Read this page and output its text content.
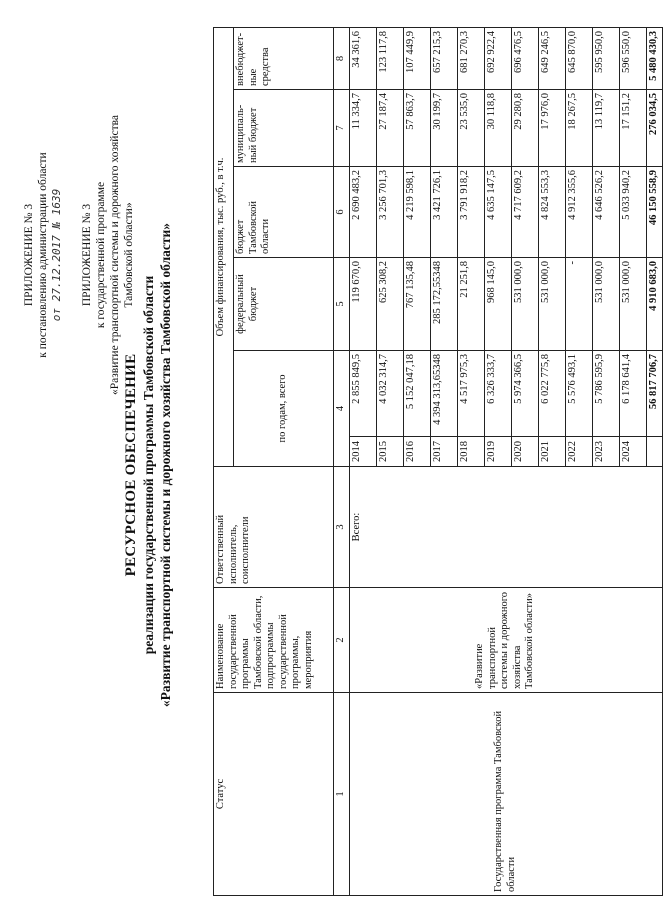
ПРИЛОЖЕНИЕ № 3 к постановлению администрации области от 27.12.2017 № 1639 ПРИЛОЖЕНИЕ № 3 к государственной программе «Развитие транспортной системы и дорожного хозяйства Тамбовской области»
РЕСУРСНОЕ ОБЕСПЕЧЕНИЕ реализации государственной программы Тамбовской области «Развитие транспортной системы и дорожного хозяйства Тамбовской области»
Статус	Наименование государственной программы Тамбовской области, подпрограммы государственной программы, мероприятия	Ответственный исполнитель, соисполнители	Объем финансирования, тыс. руб., в т.ч.					
			по годам, всего		федеральный бюджет	бюджет Тамбовской области	муниципаль-ный бюджет	внебюджет-ные средства

1	2	3	4		5	6	7	8
Государственная программа Тамбовской области	«Развитие транспортной системы и дорожного хозяйства Тамбовской области»	Всего:	2014	2 855 849,5	119 670,0	2 690 483,2	11 334,7	34 361,6
			2015	4 032 314,7	625 308,2	3 256 701,3	27 187,4	123 117,8
			2016	5 152 047,18	767 135,48	4 219 598,1	57 863,7	107 449,9
			2017	4 394 313,65348	285 172,55348	3 421 726,1	30 199,7	657 215,3
			2018	4 517 975,3	21 251,8	3 791 918,2	23 535,0	681 270,3
			2019	6 326 333,7	968 145,0	4 635 147,5	30 118,8	692 922,4
			2020	5 974 366,5	531 000,0	4 717 609,2	29 280,8	696 476,5
			2021	6 022 775,8	531 000,0	4 824 553,3	17 976,0	649 246,5
			2022	5 576 493,1	-	4 912 355,6	18 267,5	645 870,0
			2023	5 786 595,9	531 000,0	4 646 526,2	13 119,7	595 950,0
			2024	6 178 641,4	531 000,0	5 033 940,2	17 151,2	596 550,0
				56 817 706,7	4 910 683,0	46 150 558,9	276 034,5	5 480 430,3
